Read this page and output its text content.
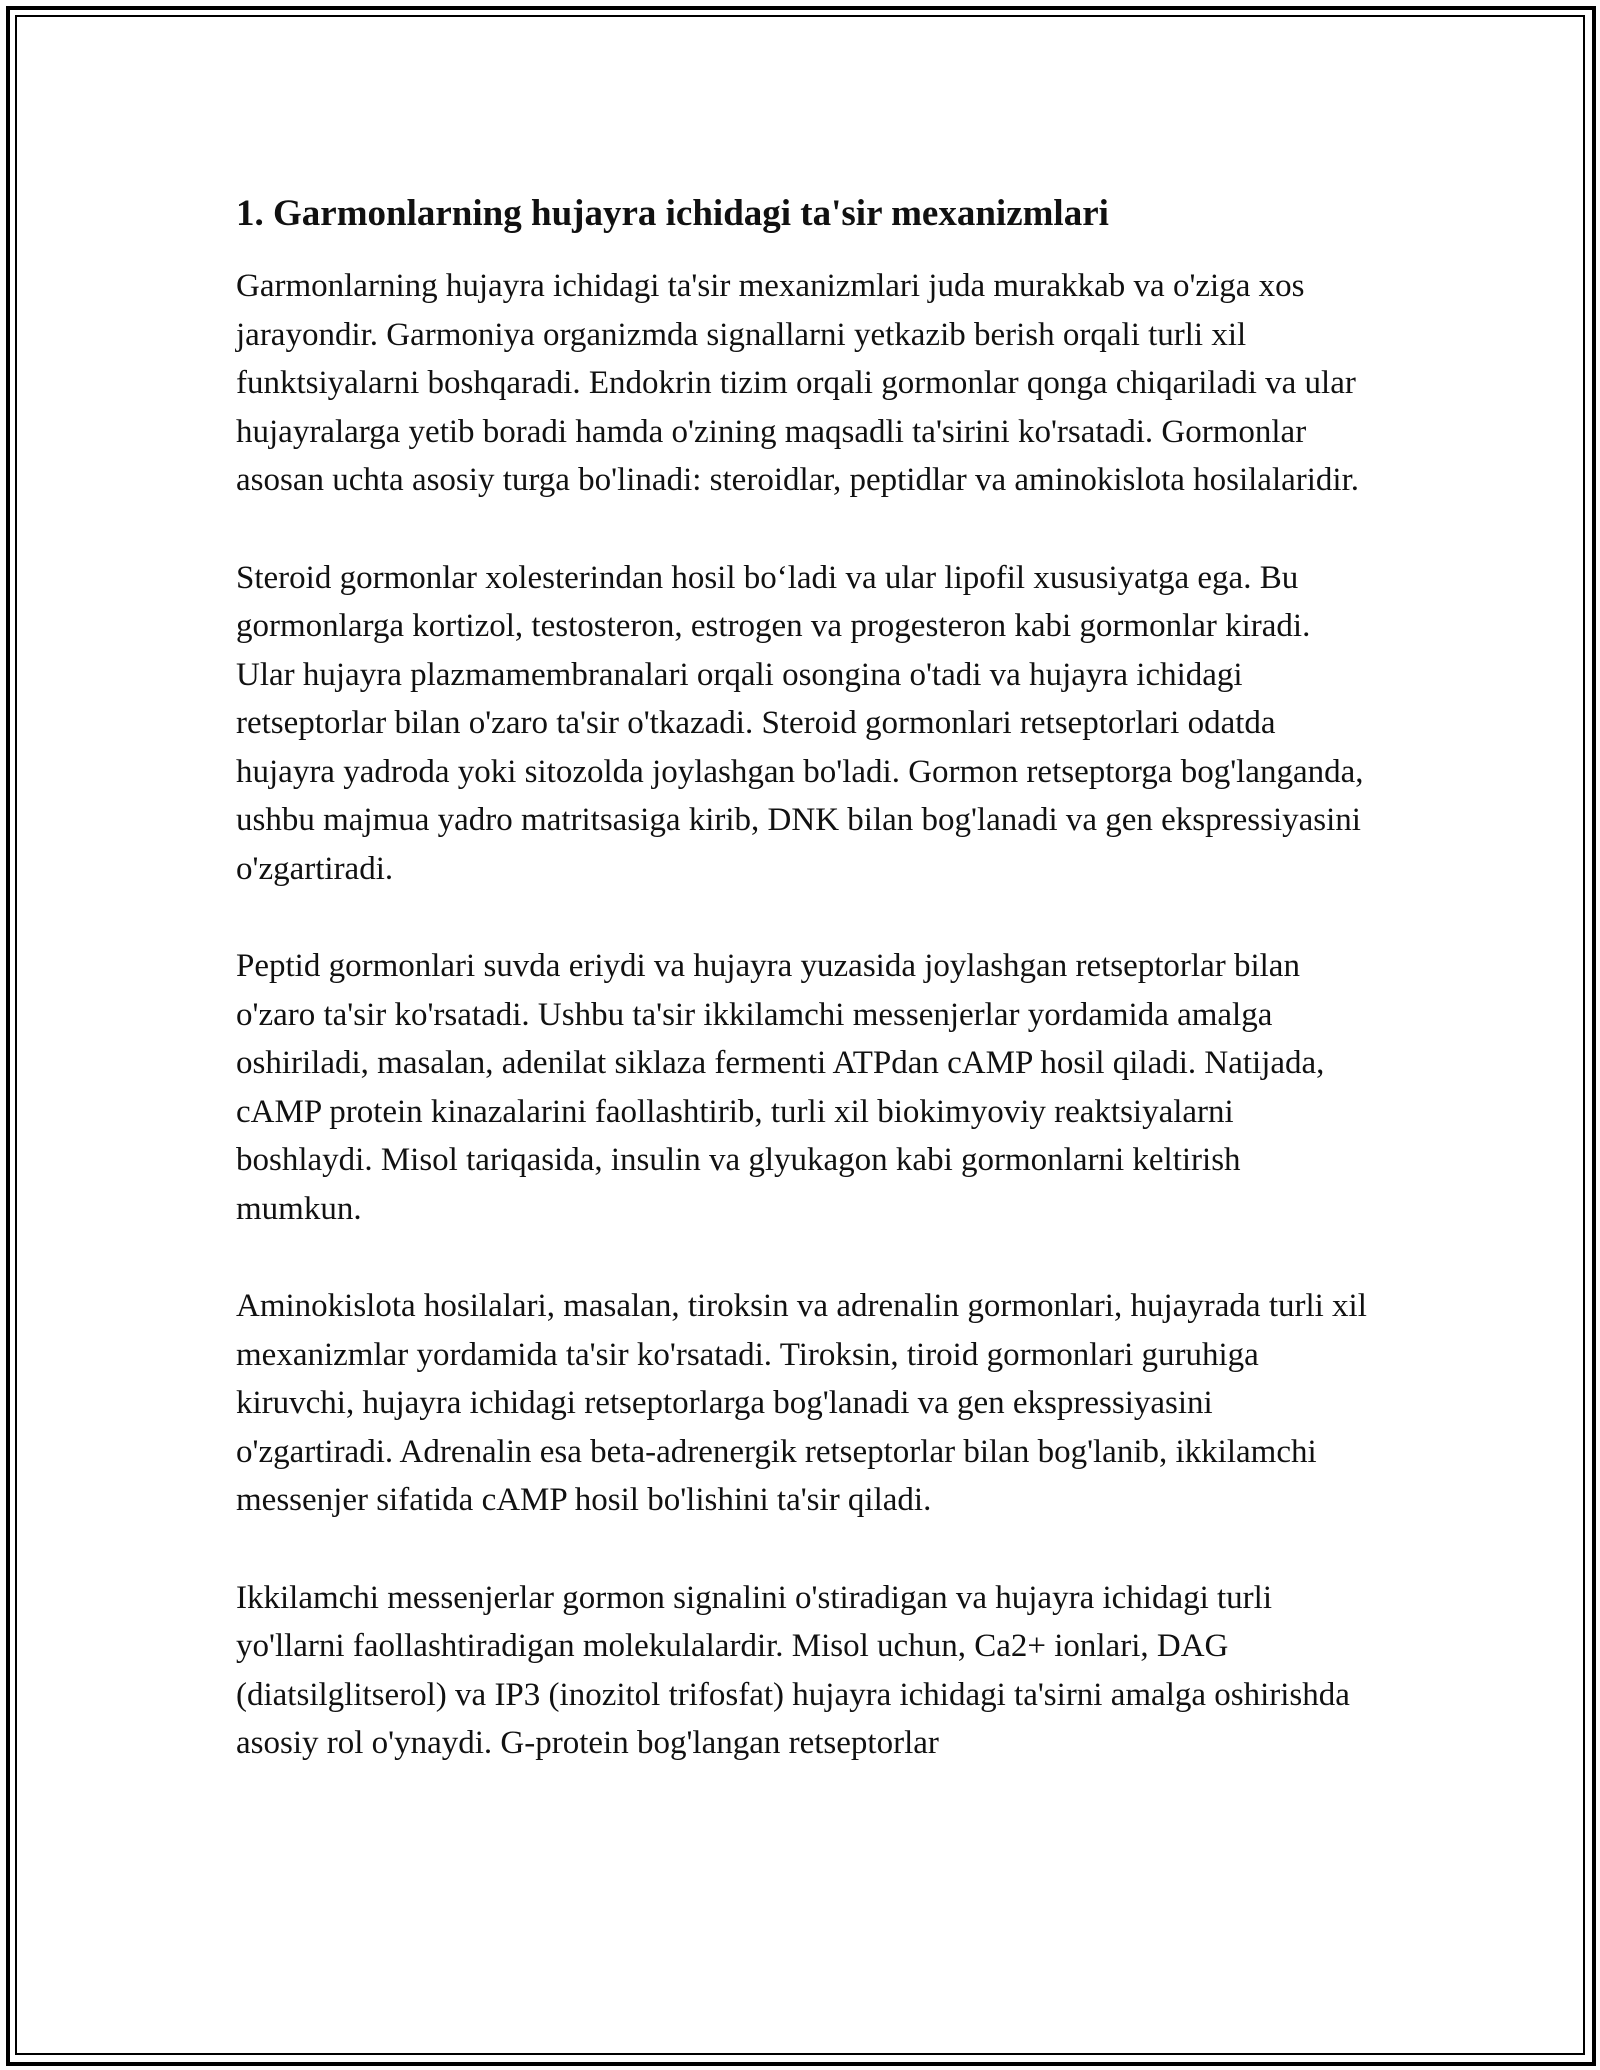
1. Garmonlarning hujayra ichidagi ta'sir mexanizmlari

Garmonlarning hujayra ichidagi ta'sir mexanizmlari juda murakkab va o'ziga xos jarayondir. Garmoniya organizmda signallarni yetkazib berish orqali turli xil funktsiyalarni boshqaradi. Endokrin tizim orqali gormonlar qonga chiqariladi va ular hujayralarga yetib boradi hamda o'zining maqsadli ta'sirini ko'rsatadi. Gormonlar asosan uchta asosiy turga bo'linadi: steroidlar, peptidlar va aminokislota hosilalaridir.

Steroid gormonlar xolesterindan hosil bo‘ladi va ular lipofil xususiyatga ega. Bu gormonlarga kortizol, testosteron, estrogen va progesteron kabi gormonlar kiradi. Ular hujayra plazmamembranalari orqali osongina o'tadi va hujayra ichidagi retseptorlar bilan o'zaro ta'sir o'tkazadi. Steroid gormonlari retseptorlari odatda hujayra yadroda yoki sitozolda joylashgan bo'ladi. Gormon retseptorga bog'langanda, ushbu majmua yadro matritsasiga kirib, DNK bilan bog'lanadi va gen ekspressiyasini o'zgartiradi.

Peptid gormonlari suvda eriydi va hujayra yuzasida joylashgan retseptorlar bilan o'zaro ta'sir ko'rsatadi. Ushbu ta'sir ikkilamchi messenjerlar yordamida amalga oshiriladi, masalan, adenilat siklaza fermenti ATPdan cAMP hosil qiladi. Natijada, cAMP protein kinazalarini faollashtirib, turli xil biokimyoviy reaktsiyalarni boshlaydi. Misol tariqasida, insulin va glyukagon kabi gormonlarni keltirish mumkun.

Aminokislota hosilalari, masalan, tiroksin va adrenalin gormonlari, hujayrada turli xil mexanizmlar yordamida ta'sir ko'rsatadi. Tiroksin, tiroid gormonlari guruhiga kiruvchi, hujayra ichidagi retseptorlarga bog'lanadi va gen ekspressiyasini o'zgartiradi. Adrenalin esa beta-adrenergik retseptorlar bilan bog'lanib, ikkilamchi messenjer sifatida cAMP hosil bo'lishini ta'sir qiladi.

Ikkilamchi messenjerlar gormon signalini o'stiradigan va hujayra ichidagi turli yo'llarni faollashtiradigan molekulalardir. Misol uchun, Ca2+ ionlari, DAG (diatsilglitserol) va IP3 (inozitol trifosfat) hujayra ichidagi ta'sirni amalga oshirishda asosiy rol o'ynaydi. G-protein bog'langan retseptorlar
